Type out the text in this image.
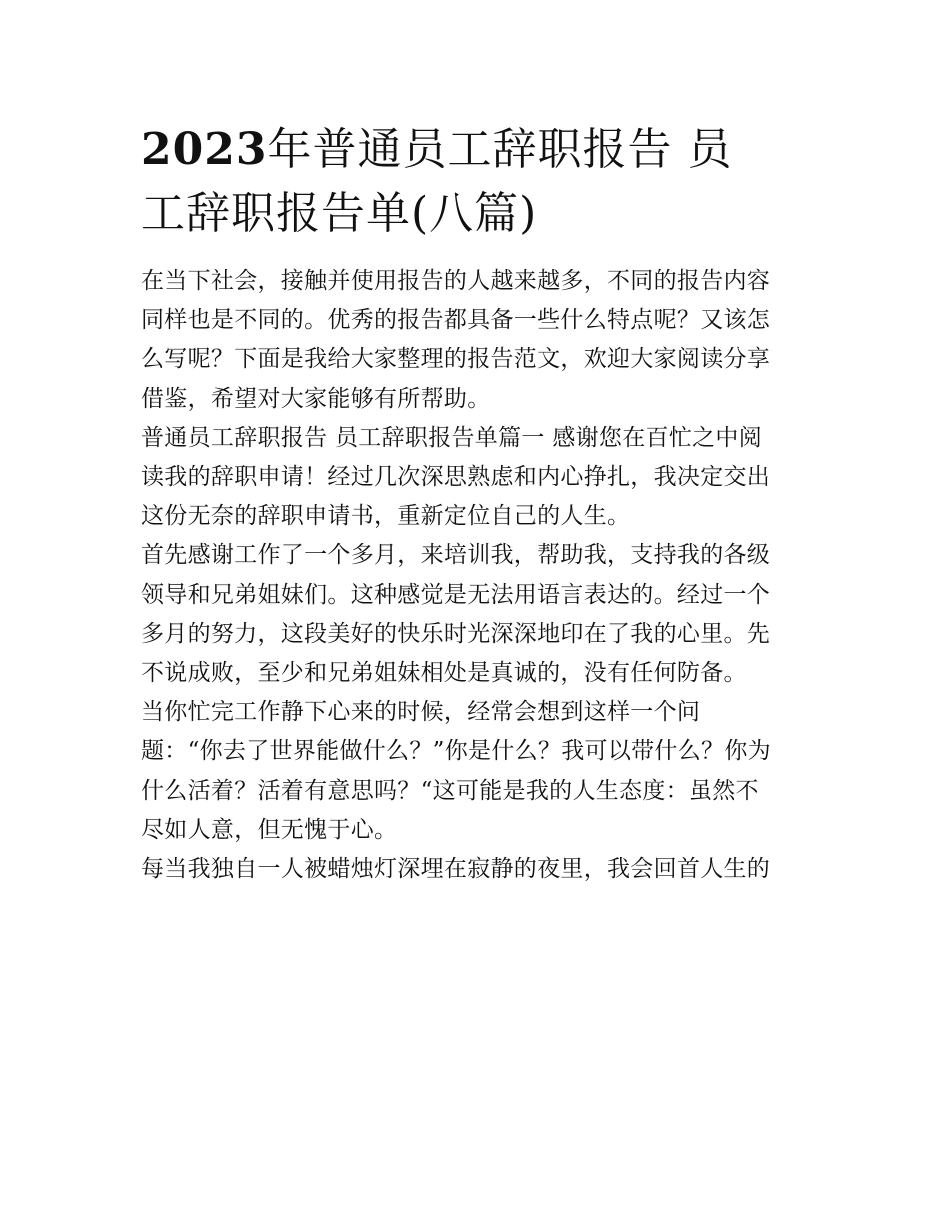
2023年普通员工辞职报告 员
工辞职报告单(八篇)

在当下社会，接触并使用报告的人越来越多，不同的报告内容
同样也是不同的。优秀的报告都具备一些什么特点呢？又该怎
么写呢？下面是我给大家整理的报告范文，欢迎大家阅读分享
借鉴，希望对大家能够有所帮助。

普通员工辞职报告 员工辞职报告单篇一 感谢您在百忙之中阅
读我的辞职申请！经过几次深思熟虑和内心挣扎，我决定交出
这份无奈的辞职申请书，重新定位自己的人生。

首先感谢工作了一个多月，来培训我，帮助我，支持我的各级
领导和兄弟姐妹们。这种感觉是无法用语言表达的。经过一个
多月的努力，这段美好的快乐时光深深地印在了我的心里。先
不说成败，至少和兄弟姐妹相处是真诚的，没有任何防备。

当你忙完工作静下心来的时候，经常会想到这样一个问
题：“你去了世界能做什么？”你是什么？我可以带什么？你为
什么活着？活着有意思吗？“这可能是我的人生态度：虽然不
尽如人意，但无愧于心。

每当我独自一人被蜡烛灯深埋在寂静的夜里，我会回首人生的
